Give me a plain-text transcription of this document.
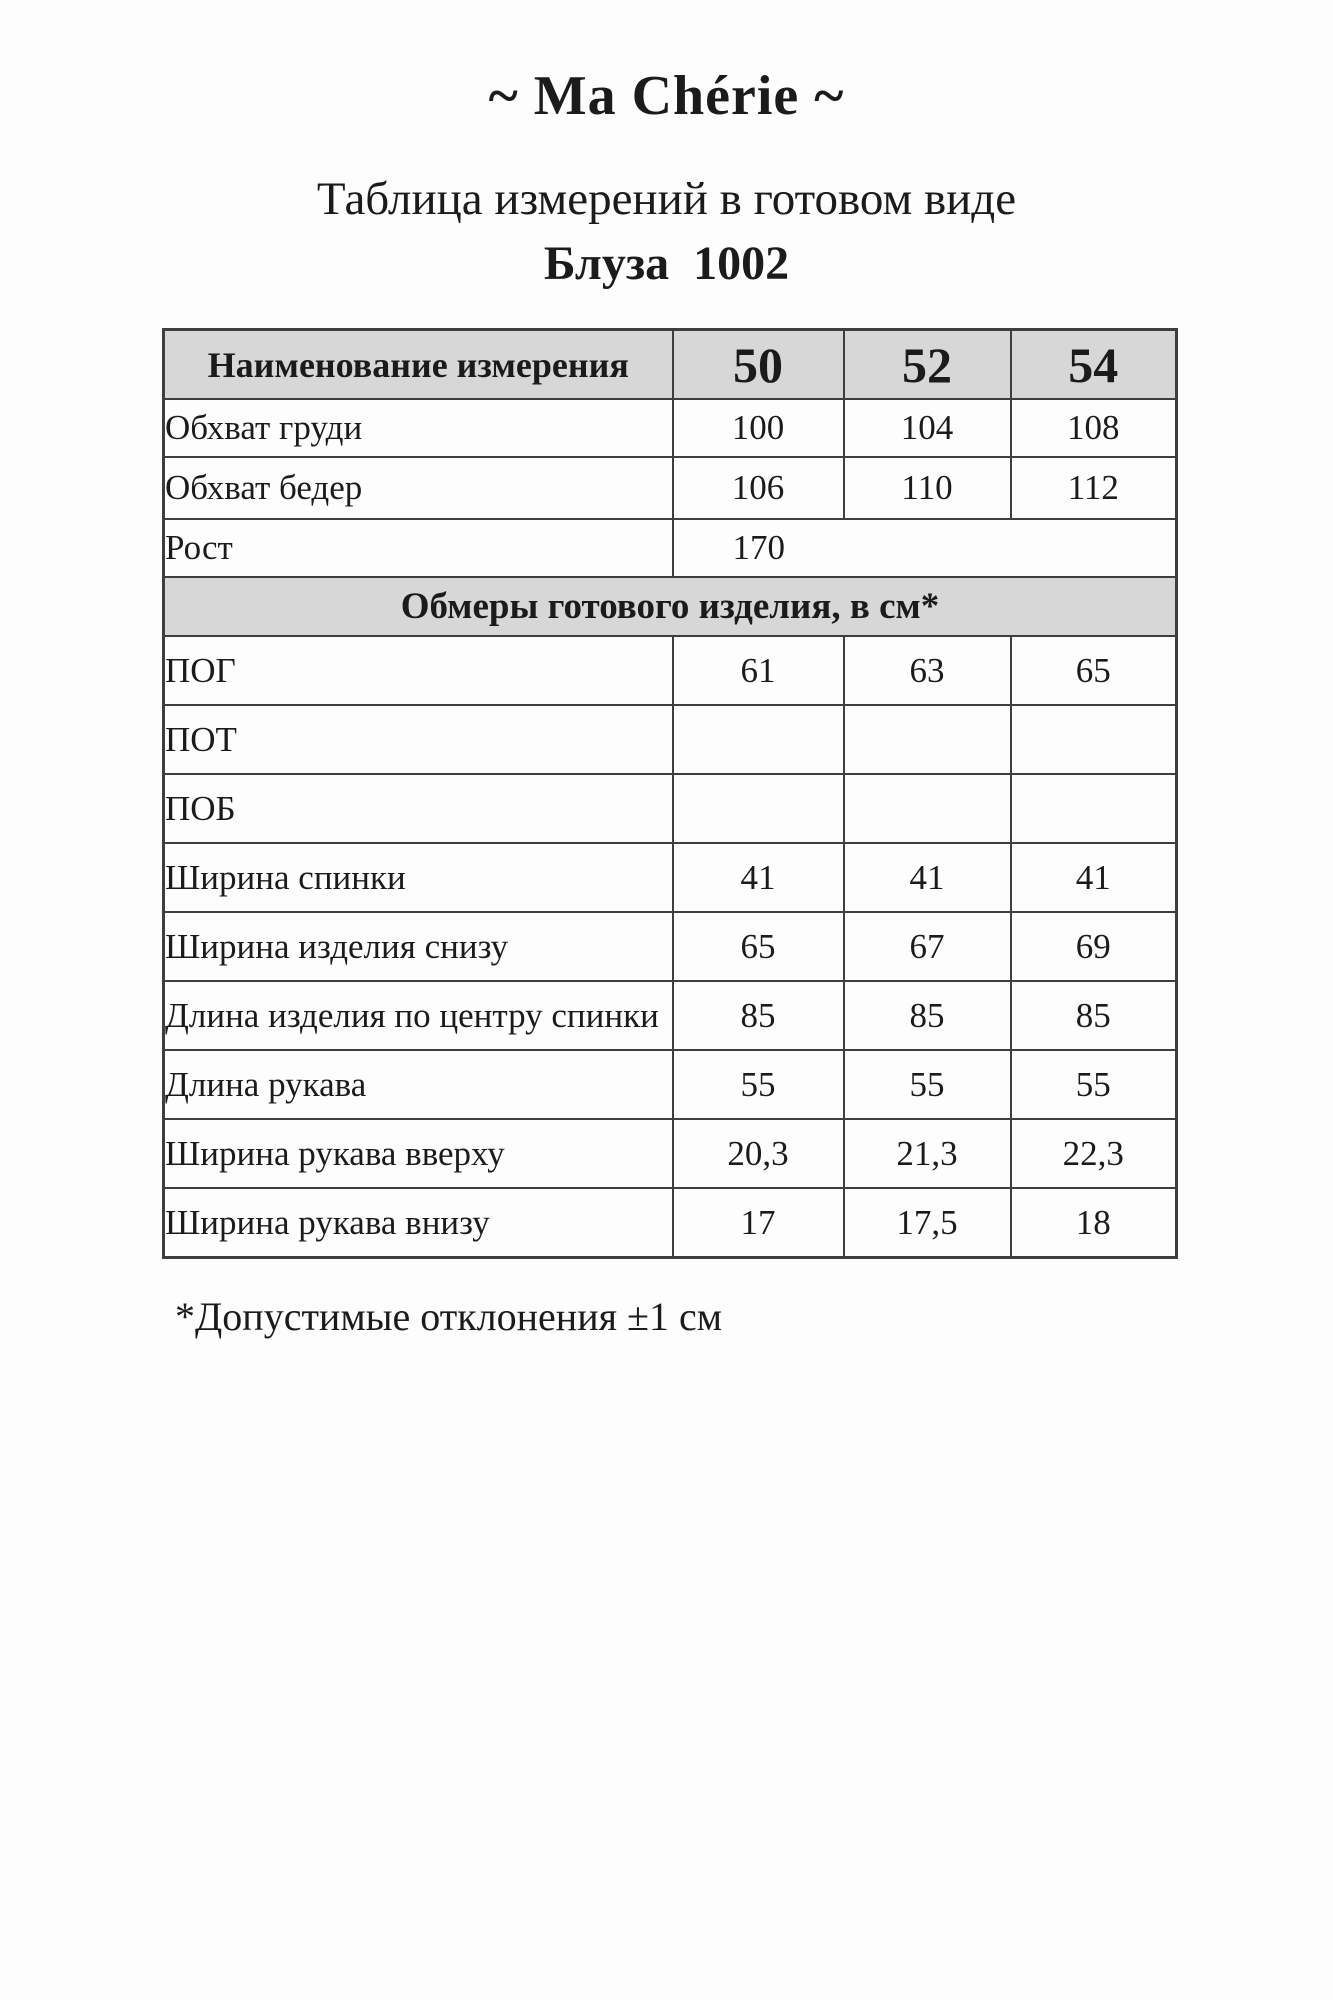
~ Ma Chérie ~
Таблица измерений в готовом виде
Блуза  1002
Наименование измерения	50	52	54
Обхват груди	100	104	108
Обхват бедер	106	110	112
Рост	170		
Обмеры готового изделия, в см*			
ПОГ	61	63	65
ПОТ			
ПОБ			
Ширина спинки	41	41	41
Ширина изделия снизу	65	67	69
Длина изделия по центру спинки	85	85	85
Длина рукава	55	55	55
Ширина рукава вверху	20,3	21,3	22,3
Ширина рукава внизу	17	17,5	18
*Допустимые отклонения ±1 см
